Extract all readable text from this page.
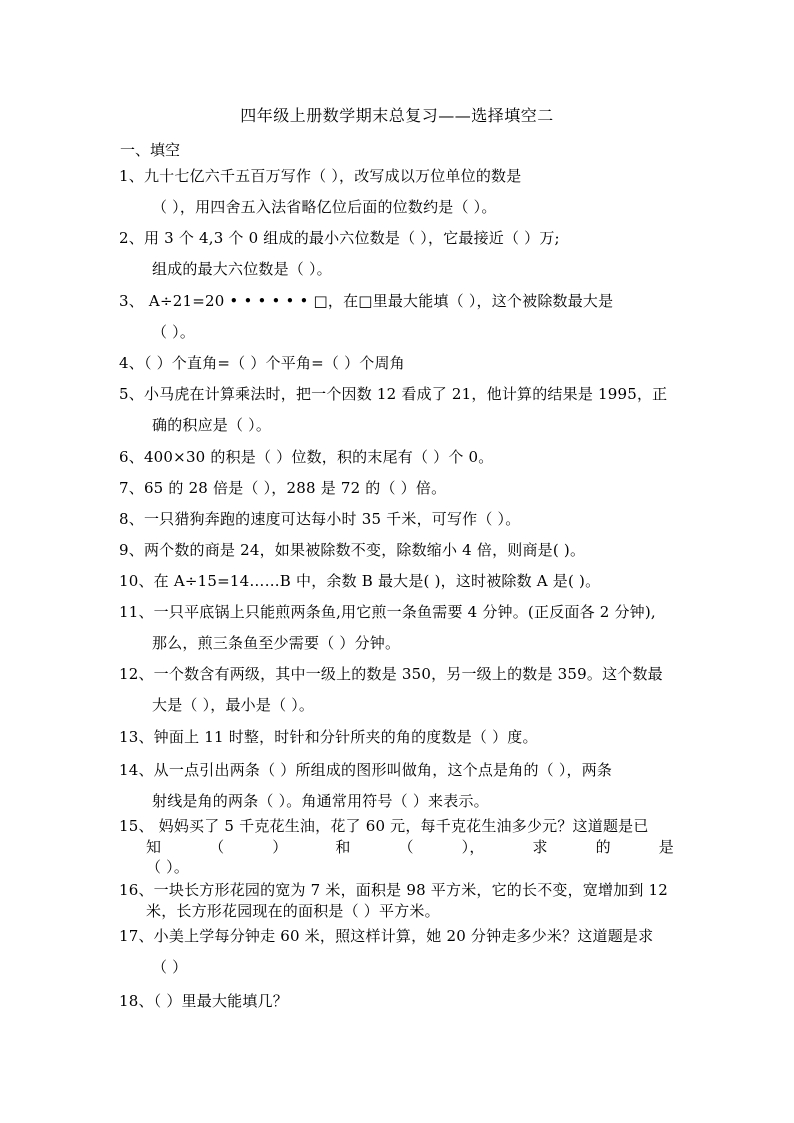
四年级上册数学期末总复习——选择填空二
一、填空
1、九十七亿六千五百万写作（ ），改写成以万位单位的数是
（ ），用四舍五入法省略亿位后面的位数约是（ ）。
2、用 3 个 4,3 个 0 组成的最小六位数是（ ），它最接近（ ）万;
组成的最大六位数是（ ）。
3、 A÷21=20 • • • • • • □，在□里最大能填（ ），这个被除数最大是
（ ）。
4、（ ）个直角=（ ）个平角=（ ）个周角
5、小马虎在计算乘法时，把一个因数 12 看成了 21，他计算的结果是 1995，正
确的积应是（ ）。
6、400×30 的积是（ ）位数，积的末尾有（ ）个 0。
7、65 的 28 倍是（ ），288 是 72 的（ ）倍。
8、一只猎狗奔跑的速度可达每小时 35 千米，可写作（ ）。
9、两个数的商是 24，如果被除数不变，除数缩小 4 倍，则商是( )。
10、在 A÷15=14……B 中，余数 B 最大是( )，这时被除数 A 是( )。
11、一只平底锅上只能煎两条鱼,用它煎一条鱼需要 4 分钟。(正反面各 2 分钟),
那么，煎三条鱼至少需要（ ）分钟。
12、一个数含有两级，其中一级上的数是 350，另一级上的数是 359。这个数最
大是（ ），最小是（ ）。
13、钟面上 11 时整，时针和分针所夹的角的度数是（ ）度。
14、从一点引出两条（ ）所组成的图形叫做角，这个点是角的（ ），两条
射线是角的两条（ ）。角通常用符号（ ）来表示。
15、 妈妈买了 5 千克花生油，花了 60 元，每千克花生油多少元？这道题是已
知	（	）	和	（	），	求	的	是
（ ）。
16、一块长方形花园的宽为 7 米，面积是 98 平方米，它的长不变，宽增加到 12
米，长方形花园现在的面积是（ ）平方米。
17、小美上学每分钟走 60 米，照这样计算，她 20 分钟走多少米？这道题是求
（ ）
18、（ ）里最大能填几？
